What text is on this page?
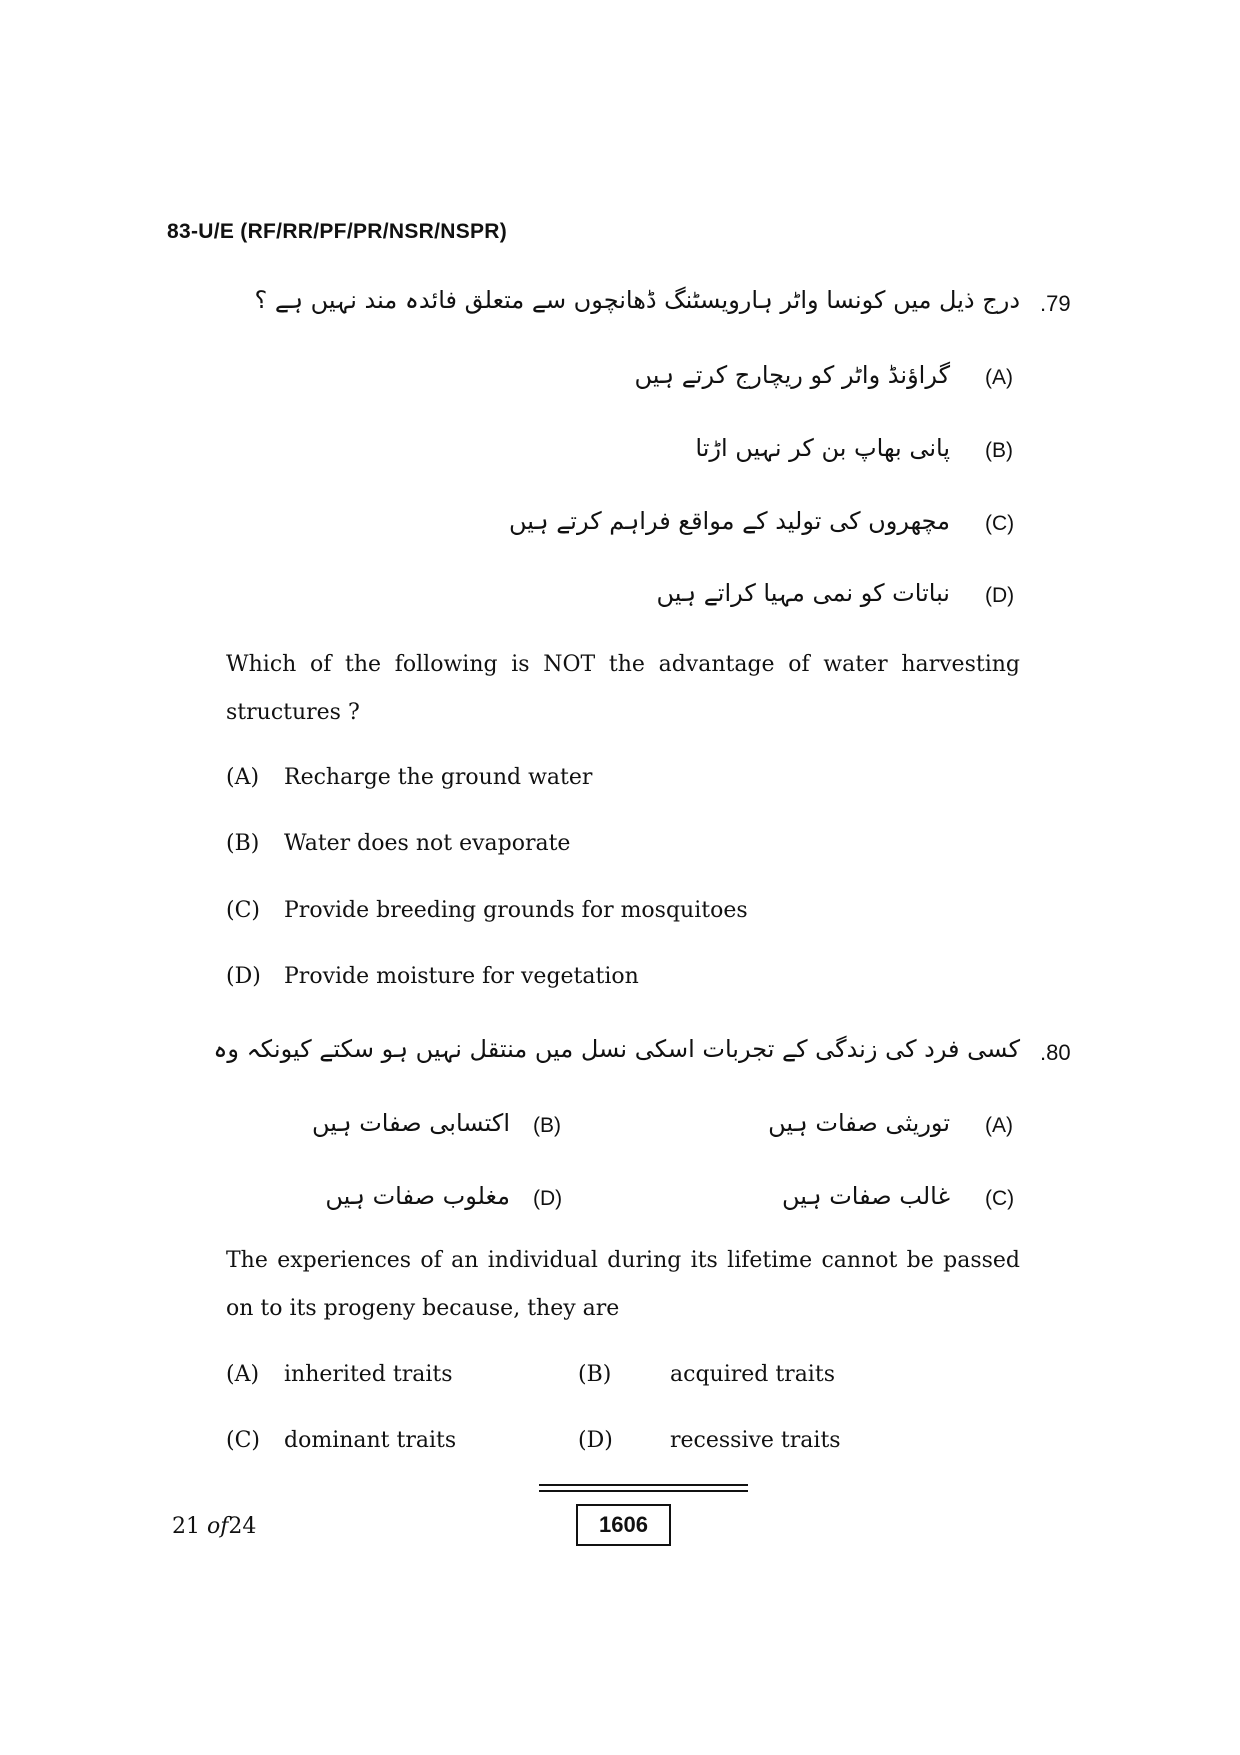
83-U/E (RF/RR/PF/PR/NSR/NSPR)
.79
درج ذیل میں کونسا واٹر ہارویسٹنگ ڈھانچوں سے متعلق فائدہ مند نہیں ہے ؟
(A)
گراؤنڈ واٹر کو ریچارج کرتے ہیں
(B)
پانی بھاپ بن کر نہیں اڑتا
(C)
مچھروں کی تولید کے مواقع فراہم کرتے ہیں
(D)
نباتات کو نمی مہیا کراتے ہیں
Which of the following is NOT the advantage of water harvesting structures ?
(A) Recharge the ground water
(B) Water does not evaporate
(C) Provide breeding grounds for mosquitoes
(D) Provide moisture for vegetation
.80
کسی فرد کی زندگی کے تجربات اسکی نسل میں منتقل نہیں ہو سکتے کیونکہ وہ
(A)
توریثی صفات ہیں
(B)
اکتسابی صفات ہیں
(C)
غالب صفات ہیں
(D)
مغلوب صفات ہیں
The experiences of an individual during its lifetime cannot be passed on to its progeny because, they are
(A) inherited traits	(B)	acquired traits
(C) dominant traits	(D)	recessive traits
21 of24	1606
